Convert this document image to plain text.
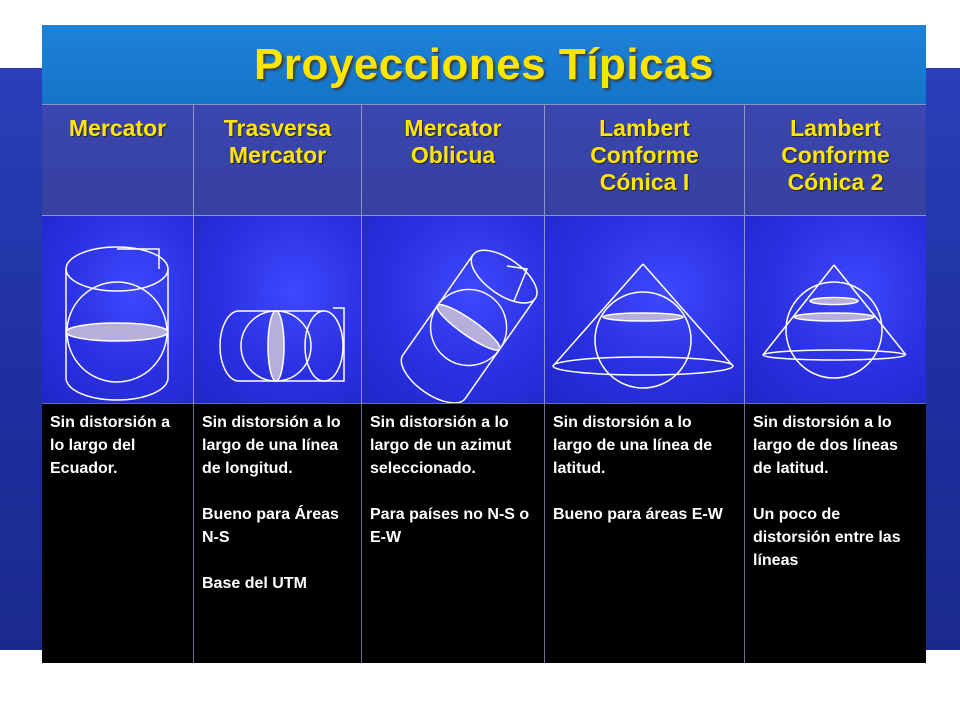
Proyecciones Típicas
Mercator	Trasversa
Mercator
Mercator
Oblicua
Lambert
Conforme
Cónica I
Lambert
Conforme
Cónica 2

Sin distorsión a lo largo del Ecuador.

Sin distorsión a lo largo de una línea de longitud.

Bueno para Áreas N-S

Base del UTM

Sin distorsión a lo largo de un azimut seleccionado.

Para países no N-S o E-W

Sin distorsión a lo largo de una línea de latitud.

Bueno para áreas E-W

Sin distorsión a lo largo de dos líneas de latitud.

Un poco de distorsión entre las líneas
